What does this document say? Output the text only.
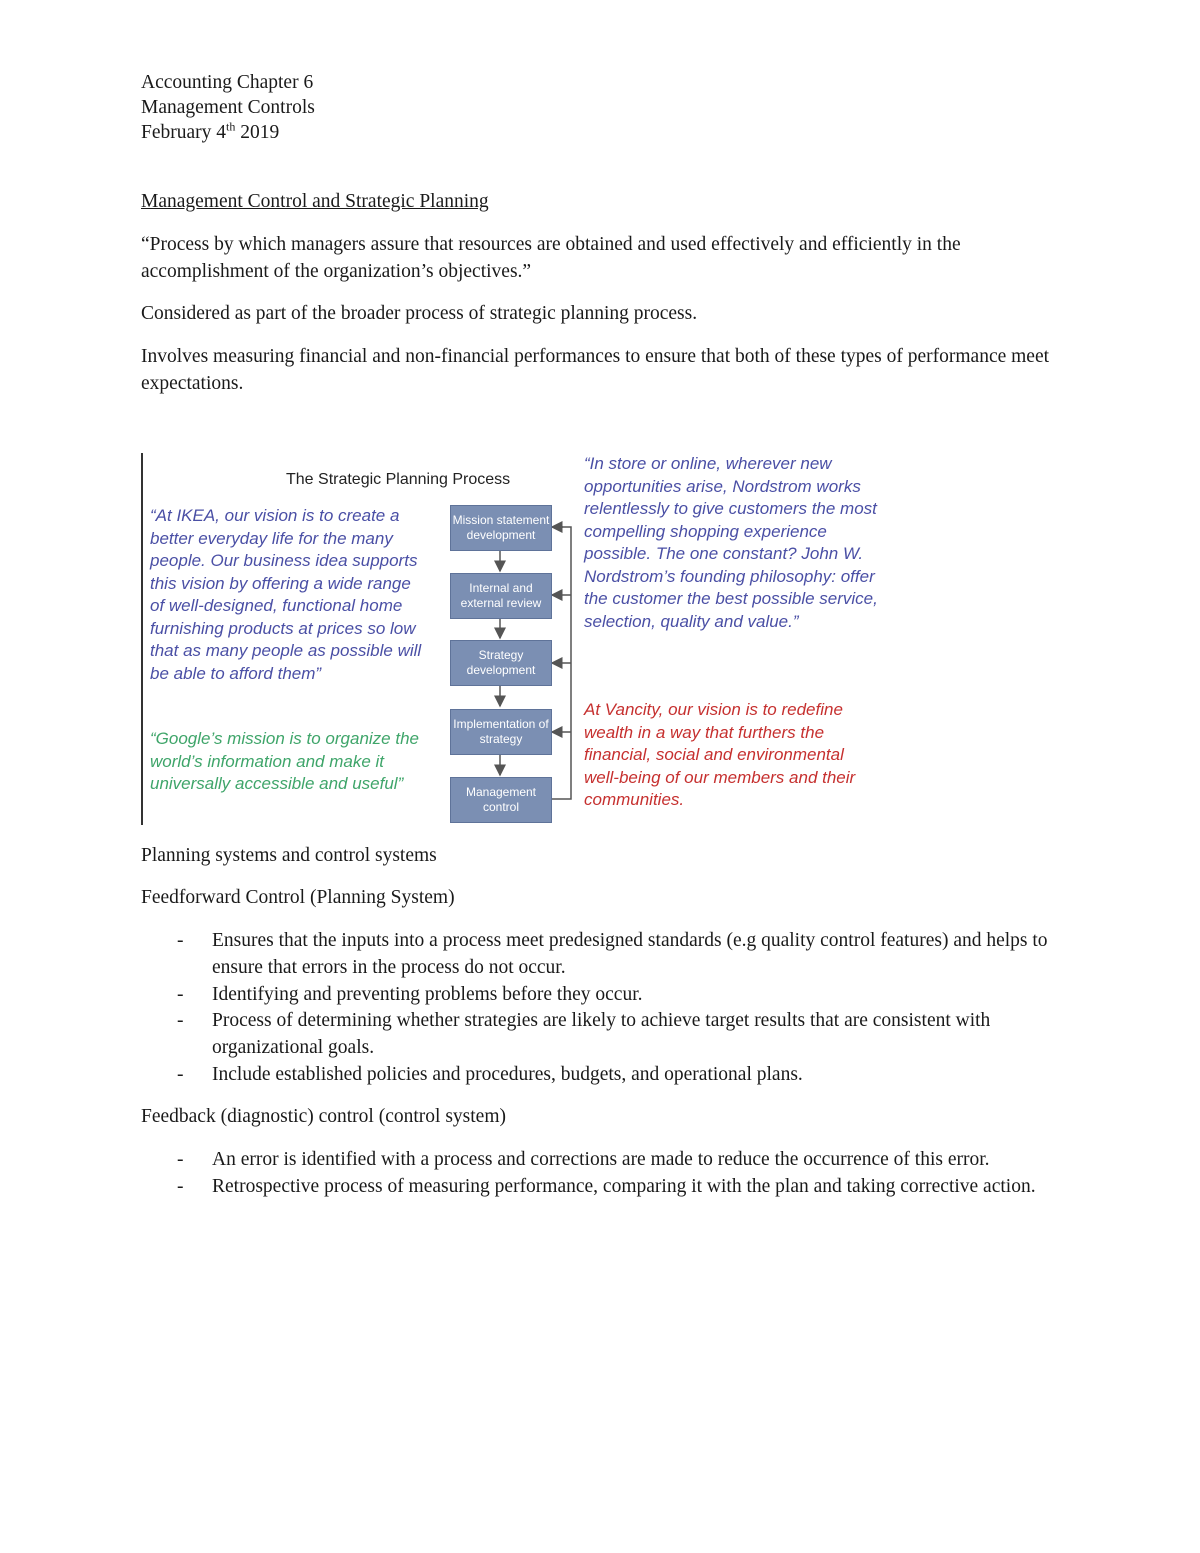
Accounting Chapter 6
Management Controls
February 4th 2019
Management Control and Strategic Planning
“Process by which managers assure that resources are obtained and used effectively and efficiently in the accomplishment of the organization’s objectives.”
Considered as part of the broader process of strategic planning process.
Involves measuring financial and non-financial performances to ensure that both of these types of performance meet expectations.
The Strategic Planning Process
“At IKEA, our vision is to create a better everyday life for the many people. Our business idea supports this vision by offering a wide range of well-designed, functional home furnishing products at prices so low that as many people as possible will be able to afford them”
“Google’s mission is to organize the world’s information and make it universally accessible and useful”
“In store or online, wherever new opportunities arise, Nordstrom works relentlessly to give customers the most compelling shopping experience possible. The one constant? John W. Nordstrom’s founding philosophy: offer the customer the best possible service, selection, quality and value.”
At Vancity, our vision is to redefine wealth in a way that furthers the financial, social and environmental well-being of our members and their communities.
Mission statement development
Internal and external review
Strategy development
Implementation of strategy
Management control
Planning systems and control systems
Feedforward Control (Planning System)
- Ensures that the inputs into a process meet predesigned standards (e.g quality control features) and helps to ensure that errors in the process do not occur.
- Identifying and preventing problems before they occur.
- Process of determining whether strategies are likely to achieve target results that are consistent with organizational goals.
- Include established policies and procedures, budgets, and operational plans.
Feedback (diagnostic) control (control system)
- An error is identified with a process and corrections are made to reduce the occurrence of this error.
- Retrospective process of measuring performance, comparing it with the plan and taking corrective action.
